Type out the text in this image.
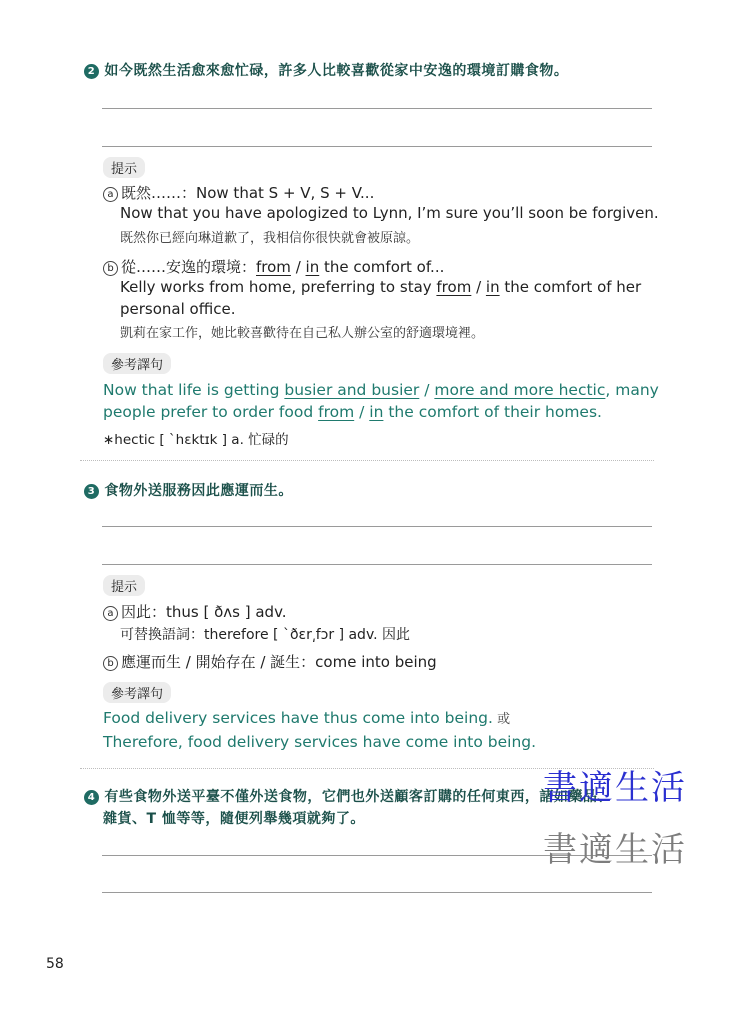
2 如今既然生活愈來愈忙碌，許多人比較喜歡從家中安逸的環境訂購食物。
提示
a 既然……：Now that S + V, S + V...
Now that you have apologized to Lynn, I’m sure you’ll soon be forgiven.
既然你已經向琳道歉了，我相信你很快就會被原諒。
b 從……安逸的環境：from / in the comfort of...
Kelly works from home, preferring to stay from / in the comfort of her
personal office.
凱莉在家工作，她比較喜歡待在自己私人辦公室的舒適環境裡。
參考譯句
Now that life is getting busier and busier / more and more hectic, many
people prefer to order food from / in the comfort of their homes.
∗hectic [ ˋhɛktɪk ] a. 忙碌的
3 食物外送服務因此應運而生。
提示
a 因此：thus [ ðʌs ] adv.
可替換語詞：therefore [ ˋðɛr͵fɔr ] adv. 因此
b 應運而生 / 開始存在 / 誕生：come into being
參考譯句
Food delivery services have thus come into being. 或
Therefore, food delivery services have come into being.
4 有些食物外送平臺不僅外送食物，它們也外送顧客訂購的任何東西，諸如藥品、
雜貨、T 恤等等，隨便列舉幾項就夠了。
書適生活
書適生活
58
